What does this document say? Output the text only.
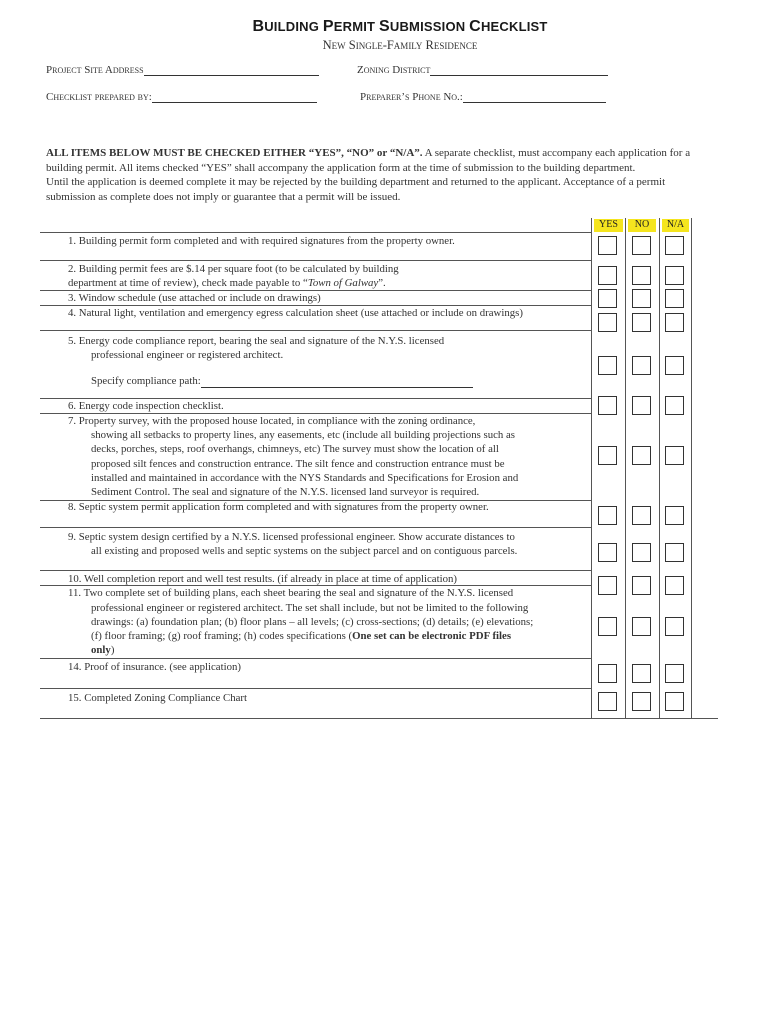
BUILDING PERMIT SUBMISSION CHECKLIST
New Single-Family Residence
Project Site Address	Zoning District
Checklist prepared by:	Preparer’s Phone No.:
ALL ITEMS BELOW MUST BE CHECKED EITHER “YES”, “NO” or “N/A”. A separate checklist, must accompany each application for a building permit. All items checked “YES” shall accompany the application form at the time of submission to the building department.
Until the application is deemed complete it may be rejected by the building department and returned to the applicant. Acceptance of a permit submission as complete does not imply or guarantee that a permit will be issued.
YES	NO	N/A
1. Building permit form completed and with required signatures from the property owner.
2. Building permit fees are $.14 per square foot (to be calculated by building
department at time of review), check made payable to “Town of Galway”.
3. Window schedule (use attached or include on drawings)
4. Natural light, ventilation and emergency egress calculation sheet (use attached or include on drawings)
5. Energy code compliance report, bearing the seal and signature of the N.Y.S. licensed
professional engineer or registered architect.
Specify compliance path:
6. Energy code inspection checklist.
7. Property survey, with the proposed house located, in compliance with the zoning ordinance,
showing all setbacks to property lines, any easements, etc (include all building projections such as
decks, porches, steps, roof overhangs, chimneys, etc) The survey must show the location of all
proposed silt fences and construction entrance. The silt fence and construction entrance must be
installed and maintained in accordance with the NYS Standards and Specifications for Erosion and
Sediment Control. The seal and signature of the N.Y.S. licensed land surveyor is required.
8. Septic system permit application form completed and with signatures from the property owner.
9. Septic system design certified by a N.Y.S. licensed professional engineer. Show accurate distances to
all existing and proposed wells and septic systems on the subject parcel and on contiguous parcels.
10. Well completion report and well test results. (if already in place at time of application)
11. Two complete set of building plans, each sheet bearing the seal and signature of the N.Y.S. licensed
professional engineer or registered architect. The set shall include, but not be limited to the following
drawings: (a) foundation plan; (b) floor plans – all levels; (c) cross-sections; (d) details; (e) elevations;
(f) floor framing; (g) roof framing; (h) codes specifications (One set can be electronic PDF files
only)
14. Proof of insurance. (see application)
15. Completed Zoning Compliance Chart
